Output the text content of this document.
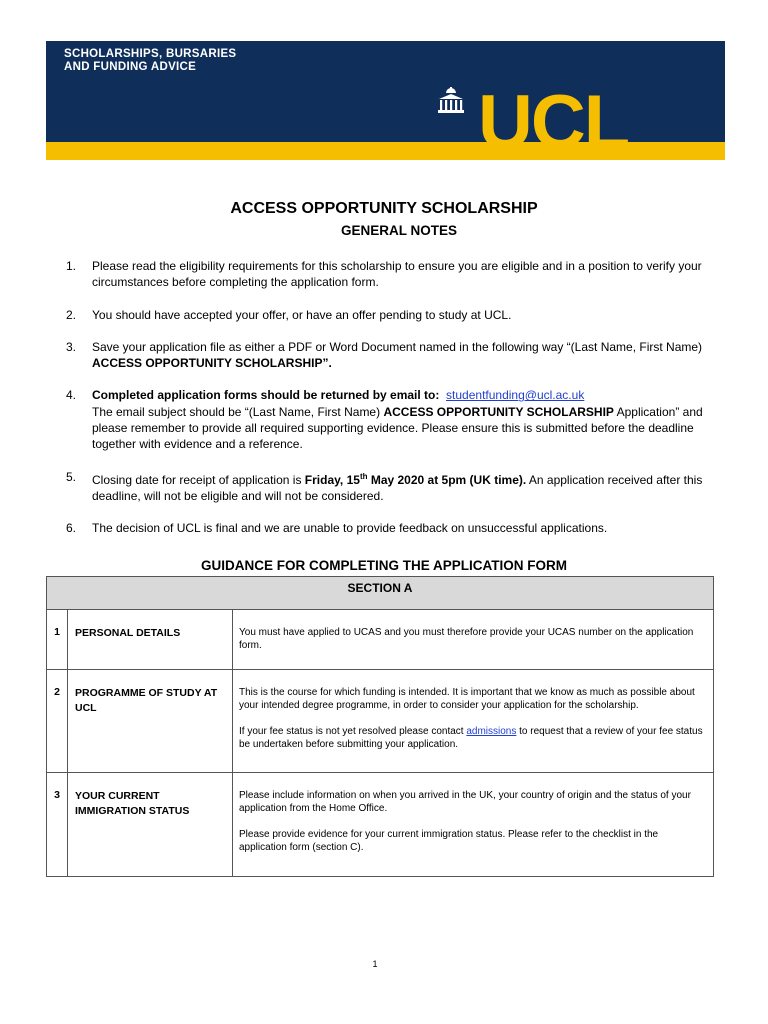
SCHOLARSHIPS, BURSARIES
AND FUNDING ADVICE
UCL
ACCESS OPPORTUNITY SCHOLARSHIP
GENERAL NOTES
1. Please read the eligibility requirements for this scholarship to ensure you are eligible and in a position to verify your circumstances before completing the application form.
2. You should have accepted your offer, or have an offer pending to study at UCL.
3. Save your application file as either a PDF or Word Document named in the following way “(Last Name, First Name) ACCESS OPPORTUNITY SCHOLARSHIP”.
4. Completed application forms should be returned by email to: studentfunding@ucl.ac.uk
The email subject should be “(Last Name, First Name) ACCESS OPPORTUNITY SCHOLARSHIP Application” and please remember to provide all required supporting evidence. Please ensure this is submitted before the deadline together with evidence and a reference.
5. Closing date for receipt of application is Friday, 15th May 2020 at 5pm (UK time). An application received after this deadline, will not be eligible and will not be considered.
6. The decision of UCL is final and we are unable to provide feedback on unsuccessful applications.
GUIDANCE FOR COMPLETING THE APPLICATION FORM
SECTION A		
1	PERSONAL DETAILS	You must have applied to UCAS and you must therefore provide your UCAS number on the application form.

2	PROGRAMME OF STUDY AT UCL	This is the course for which funding is intended. It is important that we know as much as possible about your intended degree programme, in order to consider your application for the scholarship.

If your fee status is not yet resolved please contact admissions to request that a review of your fee status be undertaken before submitting your application.

3	YOUR CURRENT IMMIGRATION STATUS	Please include information on when you arrived in the UK, your country of origin and the status of your application from the Home Office.

Please provide evidence for your current immigration status. Please refer to the checklist in the application form (section C).

1
